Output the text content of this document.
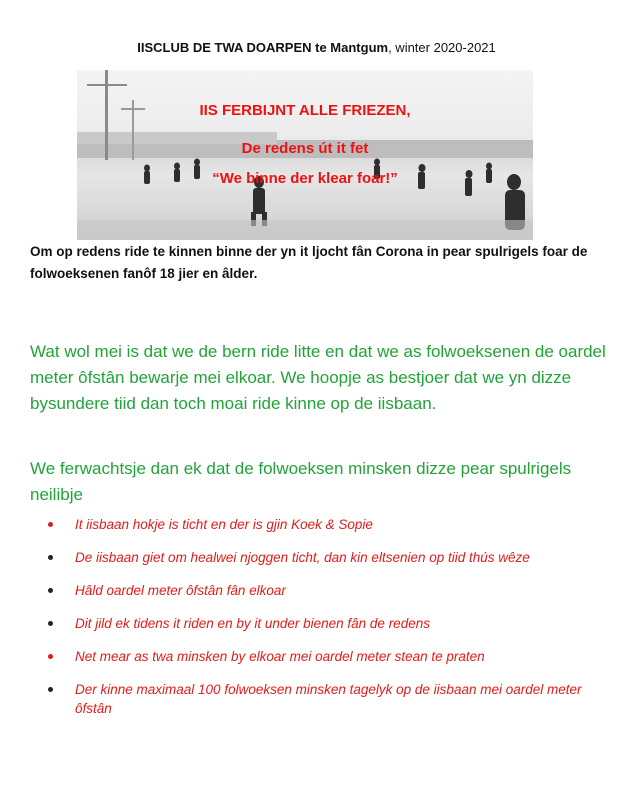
IISCLUB DE TWA DOARPEN te Mantgum, winter 2020-2021
IIS FERBIJNT ALLE FRIEZEN,
De redens út it fet
“We binne der klear foar!”
Om op redens ride te kinnen binne der yn it ljocht fân Corona in pear spulrigels foar de folwoeksenen fanôf 18 jier en âlder.
Wat wol mei is dat we de bern ride litte en dat we as folwoeksenen de oardel meter ôfstân bewarje mei elkoar. We hoopje as bestjoer dat we yn dizze bysundere tiid dan toch moai ride kinne op de iisbaan.
We ferwachtsje dan ek dat de folwoeksen minsken dizze pear spulrigels neilibje
It iisbaan hokje is ticht en der is gjin Koek & Sopie
De iisbaan giet om healwei njoggen ticht, dan kin eltsenien op tiid thús wêze
Hâld oardel meter ôfstân fân elkoar
Dit jild ek tidens it riden en by it under bienen fân de redens
Net mear as twa minsken by elkoar mei oardel meter stean te praten
Der kinne maximaal 100 folwoeksen minsken tagelyk op de iisbaan mei oardel meter ôfstân
